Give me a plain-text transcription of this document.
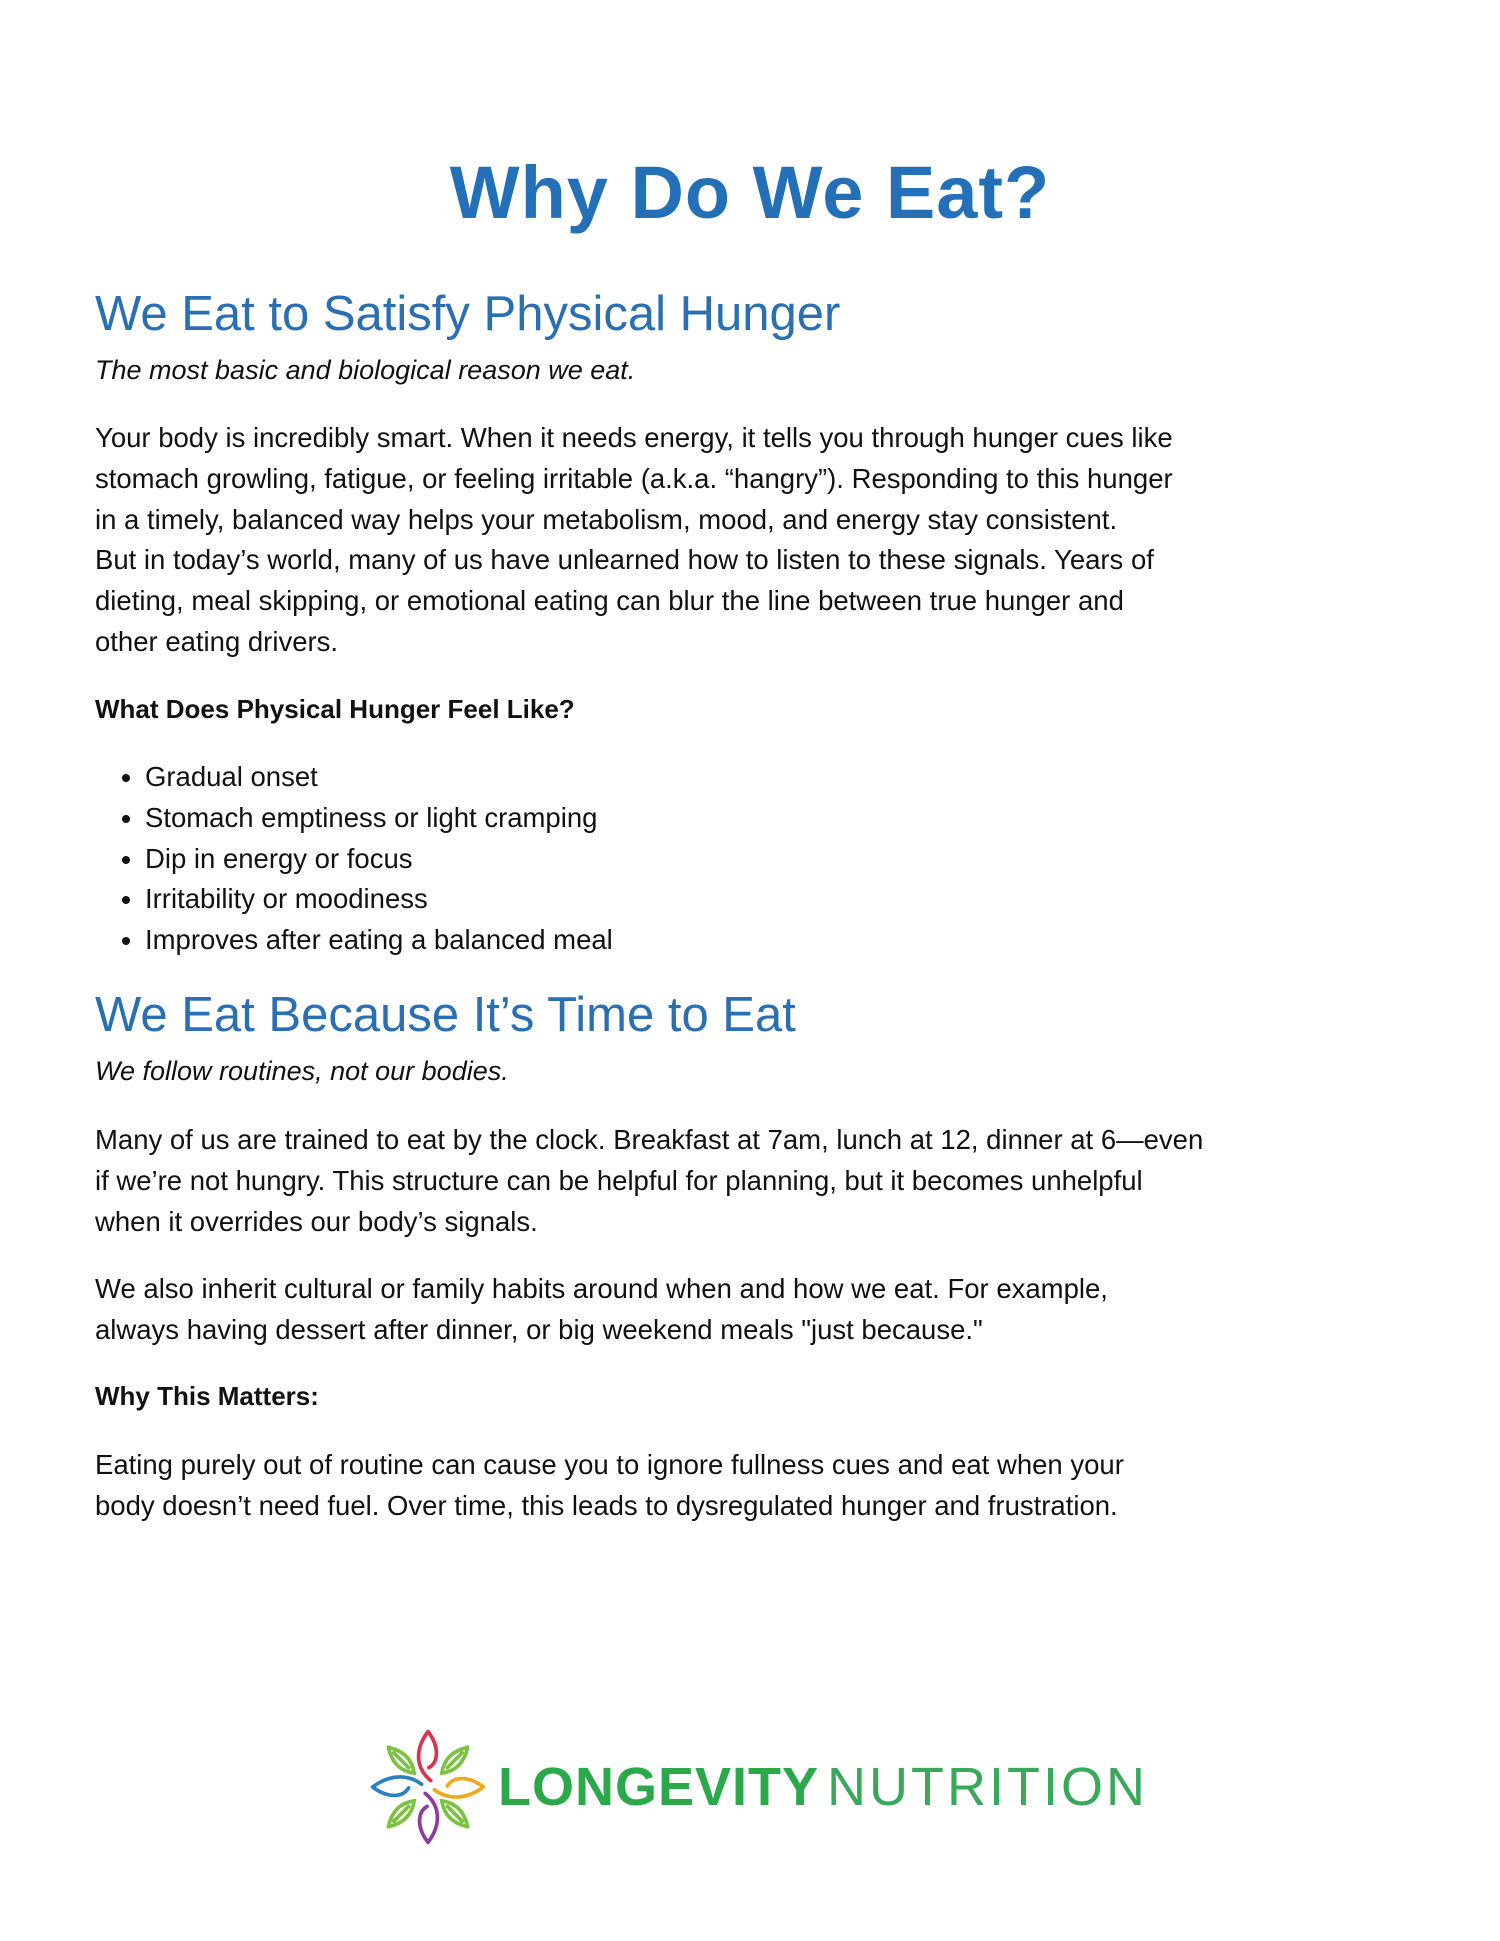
Why Do We Eat?
We Eat to Satisfy Physical Hunger

The most basic and biological reason we eat.

Your body is incredibly smart. When it needs energy, it tells you through hunger cues like
stomach growling, fatigue, or feeling irritable (a.k.a. “hangry”). Responding to this hunger
in a timely, balanced way helps your metabolism, mood, and energy stay consistent.
But in today’s world, many of us have unlearned how to listen to these signals. Years of
dieting, meal skipping, or emotional eating can blur the line between true hunger and
other eating drivers.
What Does Physical Hunger Feel Like?
• Gradual onset
• Stomach emptiness or light cramping
• Dip in energy or focus
• Irritability or moodiness
• Improves after eating a balanced meal
We Eat Because It’s Time to Eat

We follow routines, not our bodies.

Many of us are trained to eat by the clock. Breakfast at 7am, lunch at 12, dinner at 6—even
if we’re not hungry. This structure can be helpful for planning, but it becomes unhelpful
when it overrides our body’s signals.
We also inherit cultural or family habits around when and how we eat. For example,
always having dessert after dinner, or big weekend meals "just because."
Why This Matters:
Eating purely out of routine can cause you to ignore fullness cues and eat when your
body doesn’t need fuel. Over time, this leads to dysregulated hunger and frustration.
LONGEVITY NUTRITION
